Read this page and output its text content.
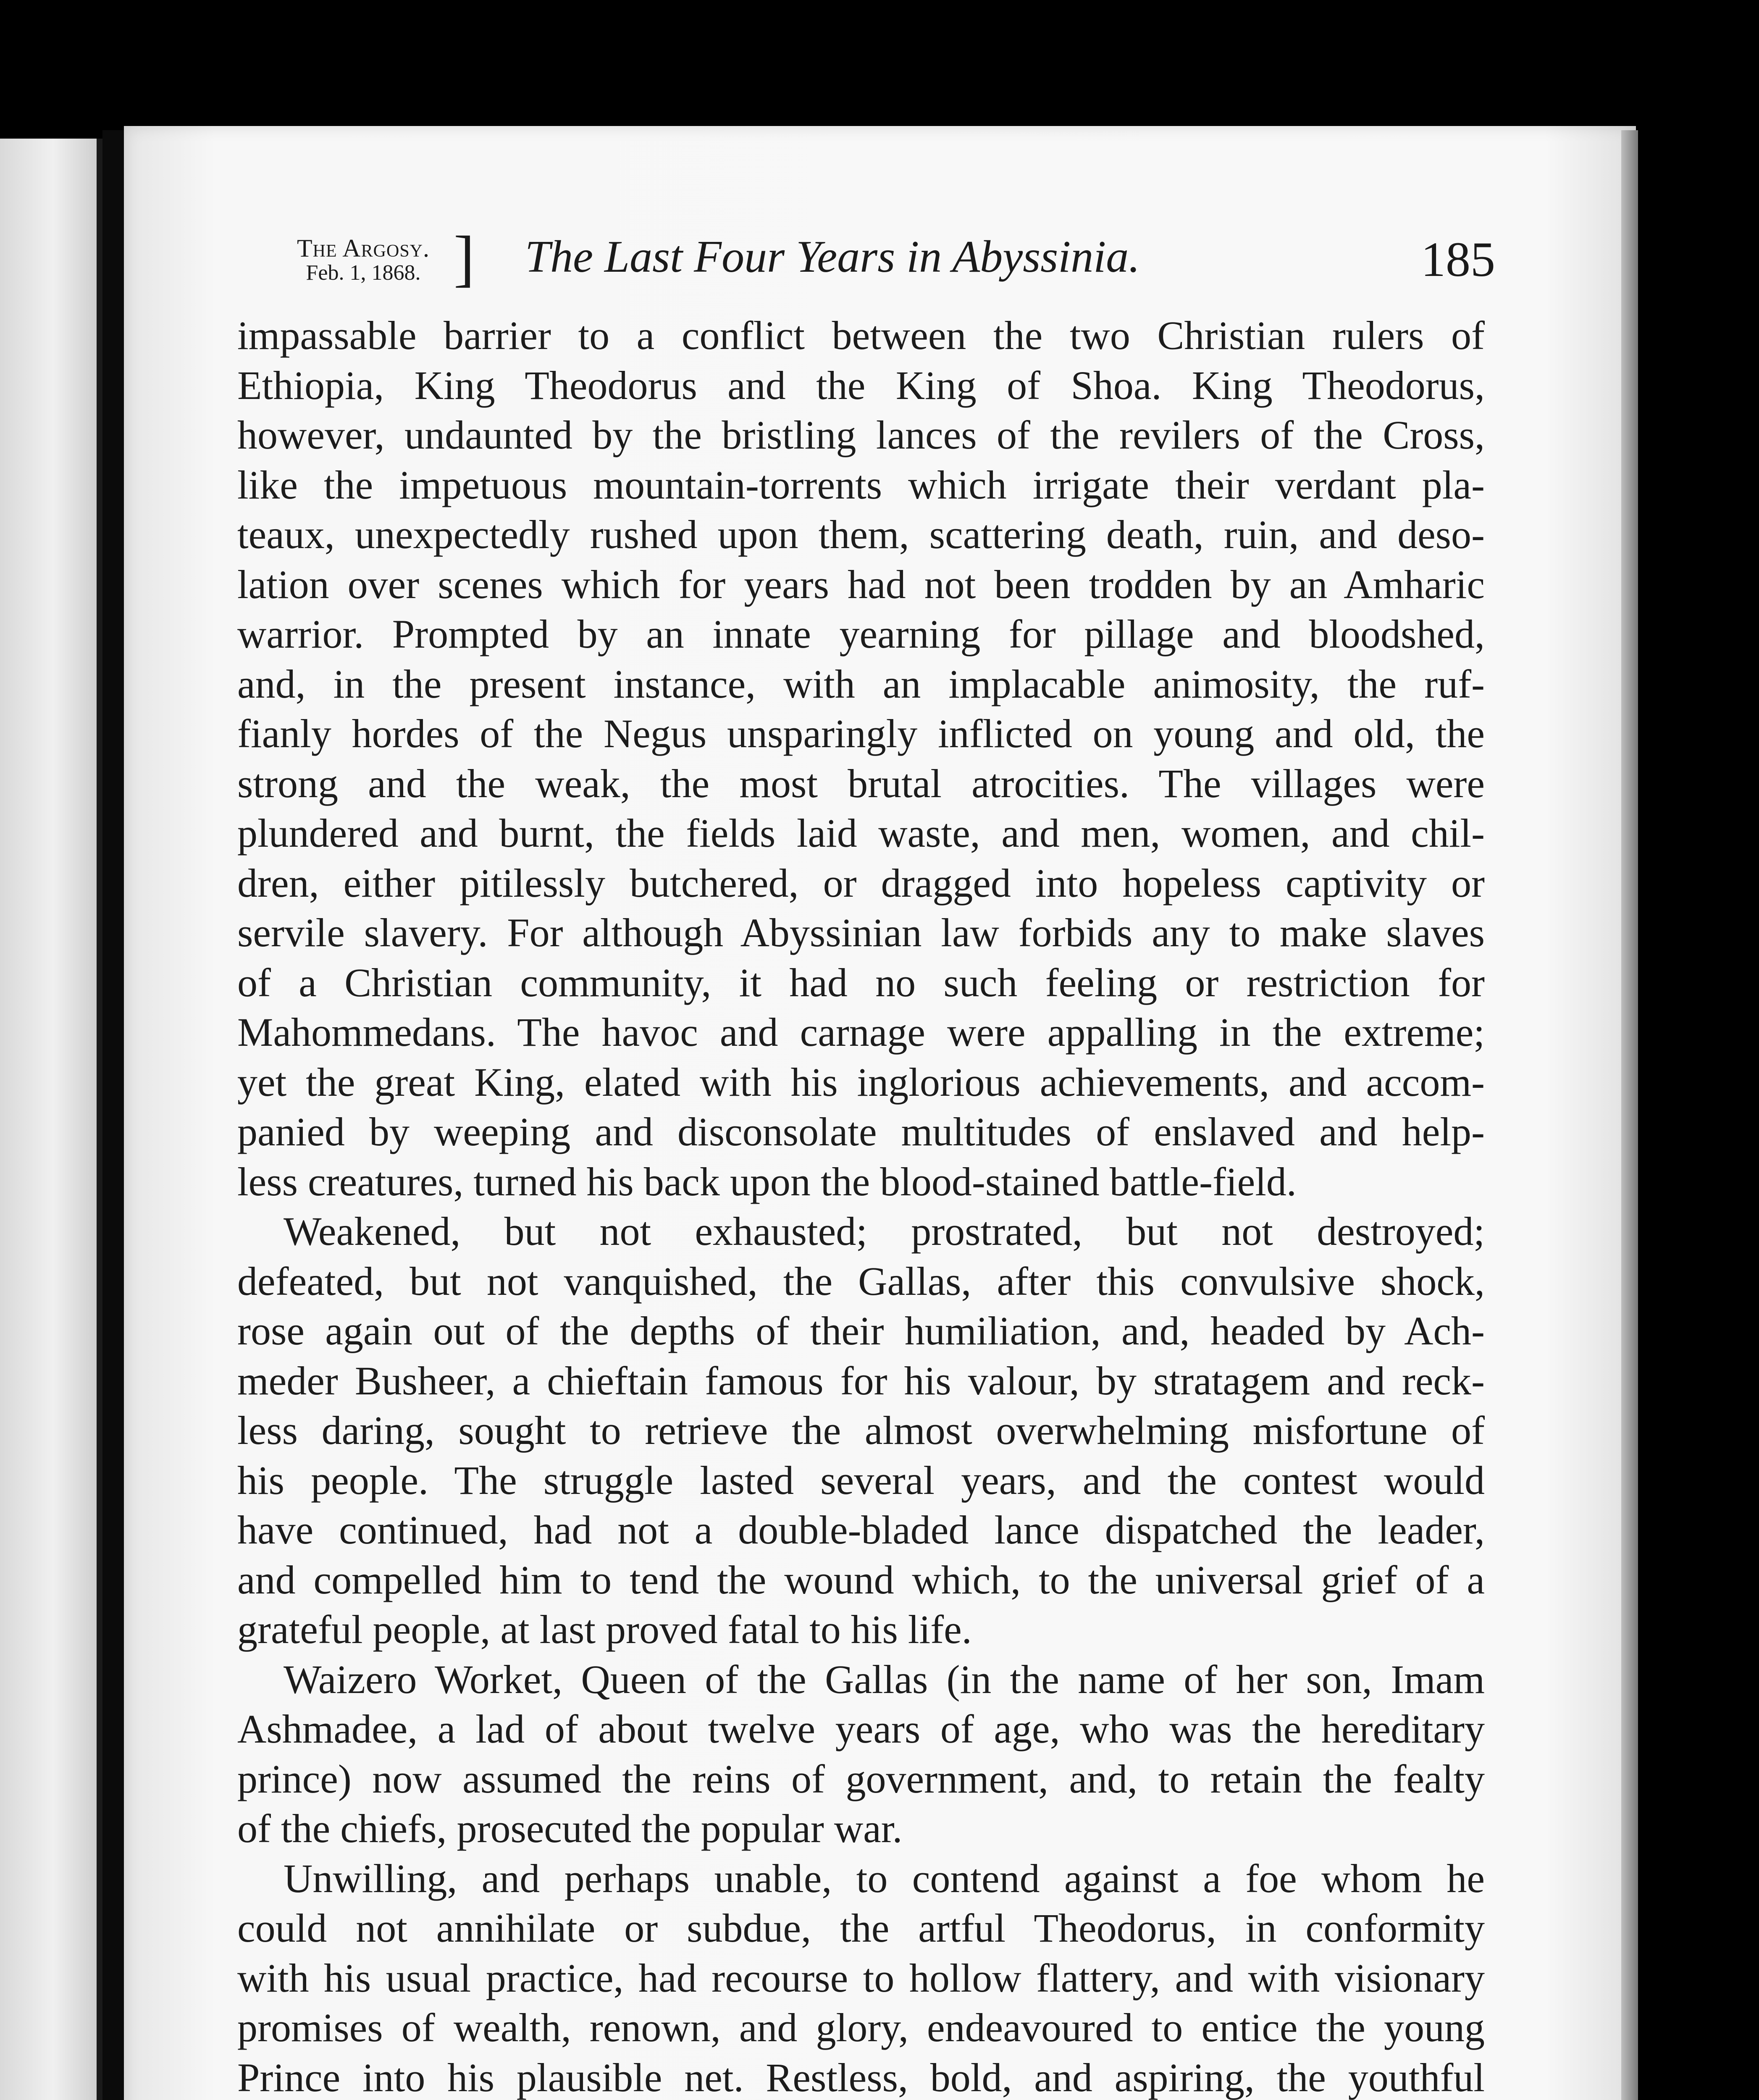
The Argosy.
Feb. 1, 1868. ] The Last Four Years in Abyssinia.	185

impassable barrier to a conflict between the two Christian rulers of

Ethiopia, King Theodorus and the King of Shoa. King Theodorus,

however, undaunted by the bristling lances of the revilers of the Cross,

like the impetuous mountain-torrents which irrigate their verdant pla-

teaux, unexpectedly rushed upon them, scattering death, ruin, and deso-

lation over scenes which for years had not been trodden by an Amharic

warrior. Prompted by an innate yearning for pillage and bloodshed,

and, in the present instance, with an implacable animosity, the ruf-

fianly hordes of the Negus unsparingly inflicted on young and old, the

strong and the weak, the most brutal atrocities. The villages were

plundered and burnt, the fields laid waste, and men, women, and chil-

dren, either pitilessly butchered, or dragged into hopeless captivity or

servile slavery. For although Abyssinian law forbids any to make slaves

of a Christian community, it had no such feeling or restriction for

Mahommedans. The havoc and carnage were appalling in the extreme;

yet the great King, elated with his inglorious achievements, and accom-

panied by weeping and disconsolate multitudes of enslaved and help-

less creatures, turned his back upon the blood-stained battle-field.

Weakened, but not exhausted; prostrated, but not destroyed;

defeated, but not vanquished, the Gallas, after this convulsive shock,

rose again out of the depths of their humiliation, and, headed by Ach-

meder Busheer, a chieftain famous for his valour, by stratagem and reck-

less daring, sought to retrieve the almost overwhelming misfortune of

his people. The struggle lasted several years, and the contest would

have continued, had not a double-bladed lance dispatched the leader,

and compelled him to tend the wound which, to the universal grief of a

grateful people, at last proved fatal to his life.

Waizero Worket, Queen of the Gallas (in the name of her son, Imam

Ashmadee, a lad of about twelve years of age, who was the hereditary

prince) now assumed the reins of government, and, to retain the fealty

of the chiefs, prosecuted the popular war.

Unwilling, and perhaps unable, to contend against a foe whom he

could not annihilate or subdue, the artful Theodorus, in conformity

with his usual practice, had recourse to hollow flattery, and with visionary

promises of wealth, renown, and glory, endeavoured to entice the young

Prince into his plausible net. Restless, bold, and aspiring, the youthful
